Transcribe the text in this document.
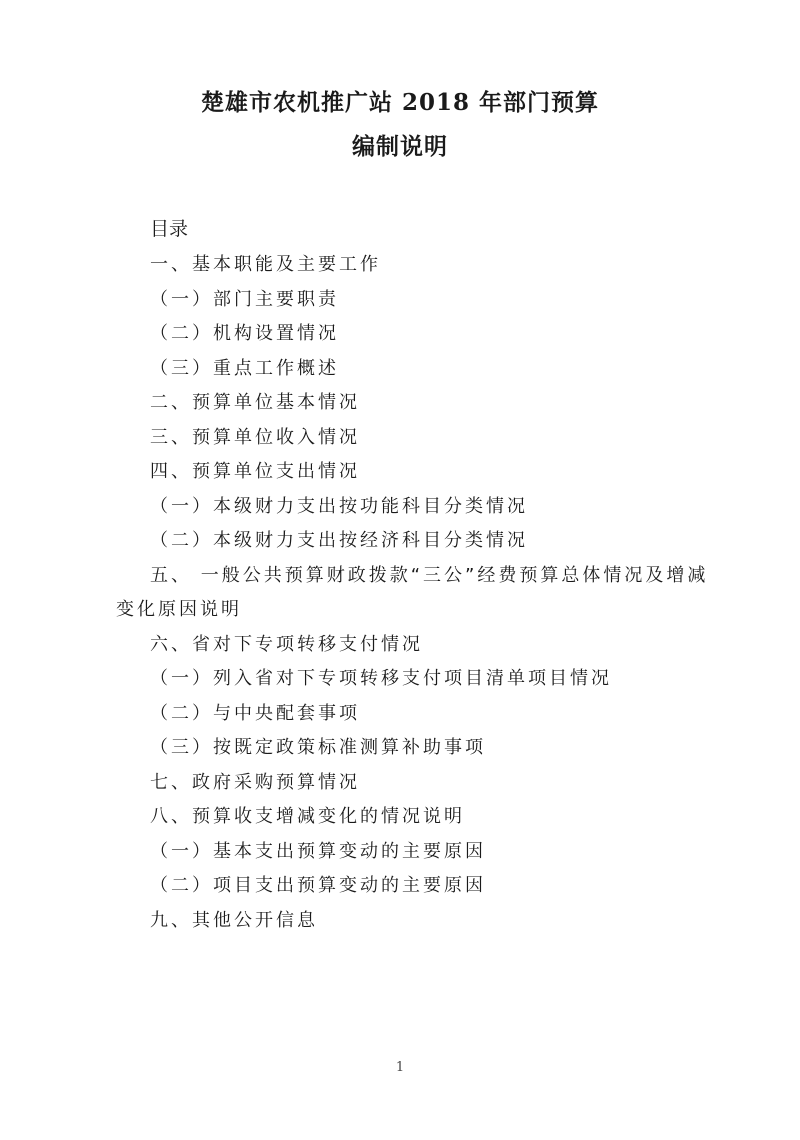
楚雄市农机推广站 2018 年部门预算
编制说明
目录
一、基本职能及主要工作
（一）部门主要职责
（二）机构设置情况
（三）重点工作概述
二、预算单位基本情况
三、预算单位收入情况
四、预算单位支出情况
（一）本级财力支出按功能科目分类情况
（二）本级财力支出按经济科目分类情况
五、 一般公共预算财政拨款“三公”经费预算总体情况及增减
变化原因说明
六、省对下专项转移支付情况
（一）列入省对下专项转移支付项目清单项目情况
（二）与中央配套事项
（三）按既定政策标准测算补助事项
七、政府采购预算情况
八、预算收支增减变化的情况说明
（一）基本支出预算变动的主要原因
（二）项目支出预算变动的主要原因
九、其他公开信息
1
